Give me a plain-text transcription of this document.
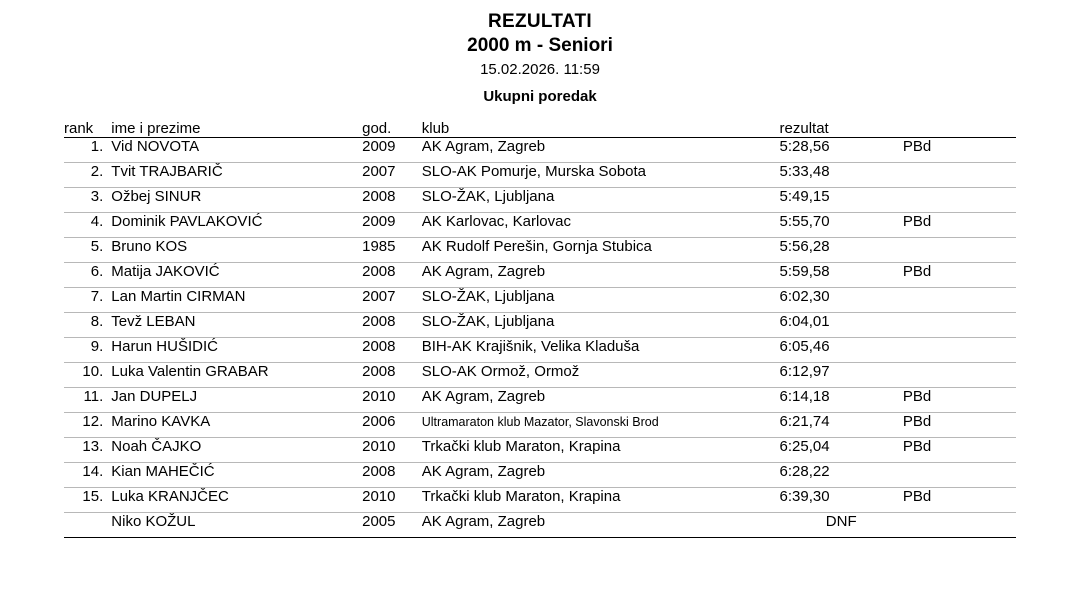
REZULTATI
2000 m - Seniori
15.02.2026. 11:59
Ukupni poredak
rank	ime i prezime	god.	klub	rezultat	
1.	Vid NOVOTA	2009	AK Agram, Zagreb	5:28,56	PBd
2.	Tvit TRAJBARIČ	2007	SLO-AK Pomurje, Murska Sobota	5:33,48	
3.	Ožbej SINUR	2008	SLO-ŽAK, Ljubljana	5:49,15	
4.	Dominik PAVLAKOVIĆ	2009	AK Karlovac, Karlovac	5:55,70	PBd
5.	Bruno KOS	1985	AK Rudolf Perešin, Gornja Stubica	5:56,28	
6.	Matija JAKOVIĆ	2008	AK Agram, Zagreb	5:59,58	PBd
7.	Lan Martin CIRMAN	2007	SLO-ŽAK, Ljubljana	6:02,30	
8.	Tevž LEBAN	2008	SLO-ŽAK, Ljubljana	6:04,01	
9.	Harun HUŠIDIĆ	2008	BIH-AK Krajišnik, Velika Kladuša	6:05,46	
10.	Luka Valentin GRABAR	2008	SLO-AK Ormož, Ormož	6:12,97	
11.	Jan DUPELJ	2010	AK Agram, Zagreb	6:14,18	PBd
12.	Marino KAVKA	2006	Ultramaraton klub Mazator, Slavonski Brod	6:21,74	PBd
13.	Noah ČAJKO	2010	Trkački klub Maraton, Krapina	6:25,04	PBd
14.	Kian MAHEČIĆ	2008	AK Agram, Zagreb	6:28,22	
15.	Luka KRANJČEC	2010	Trkački klub Maraton, Krapina	6:39,30	PBd
	Niko KOŽUL	2005	AK Agram, Zagreb	DNF	
